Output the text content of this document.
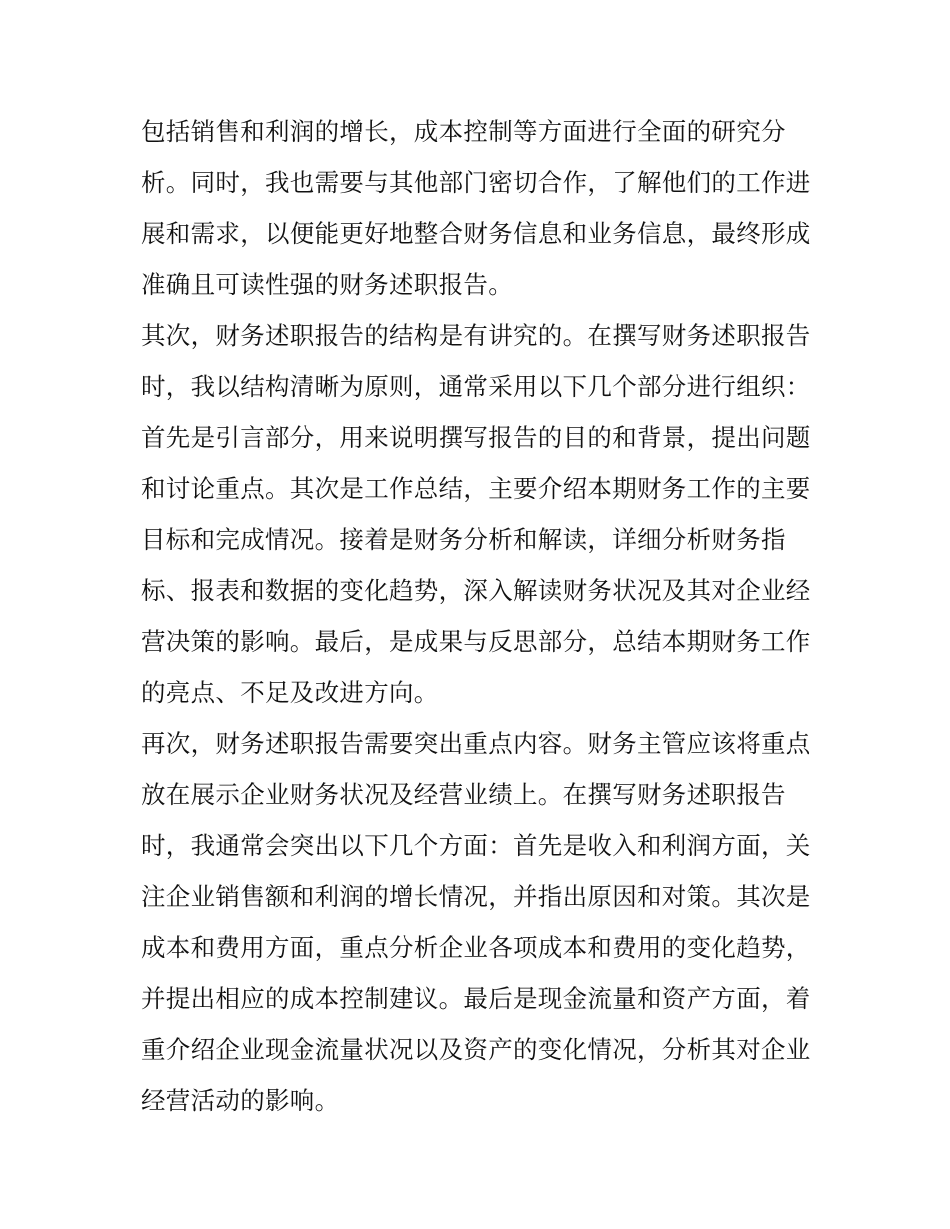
包括销售和利润的增长，成本控制等方面进行全面的研究分
析。同时，我也需要与其他部门密切合作，了解他们的工作进
展和需求，以便能更好地整合财务信息和业务信息，最终形成
准确且可读性强的财务述职报告。
其次，财务述职报告的结构是有讲究的。在撰写财务述职报告
时，我以结构清晰为原则，通常采用以下几个部分进行组织：
首先是引言部分，用来说明撰写报告的目的和背景，提出问题
和讨论重点。其次是工作总结，主要介绍本期财务工作的主要
目标和完成情况。接着是财务分析和解读，详细分析财务指
标、报表和数据的变化趋势，深入解读财务状况及其对企业经
营决策的影响。最后，是成果与反思部分，总结本期财务工作
的亮点、不足及改进方向。
再次，财务述职报告需要突出重点内容。财务主管应该将重点
放在展示企业财务状况及经营业绩上。在撰写财务述职报告
时，我通常会突出以下几个方面：首先是收入和利润方面，关
注企业销售额和利润的增长情况，并指出原因和对策。其次是
成本和费用方面，重点分析企业各项成本和费用的变化趋势，
并提出相应的成本控制建议。最后是现金流量和资产方面，着
重介绍企业现金流量状况以及资产的变化情况，分析其对企业
经营活动的影响。
